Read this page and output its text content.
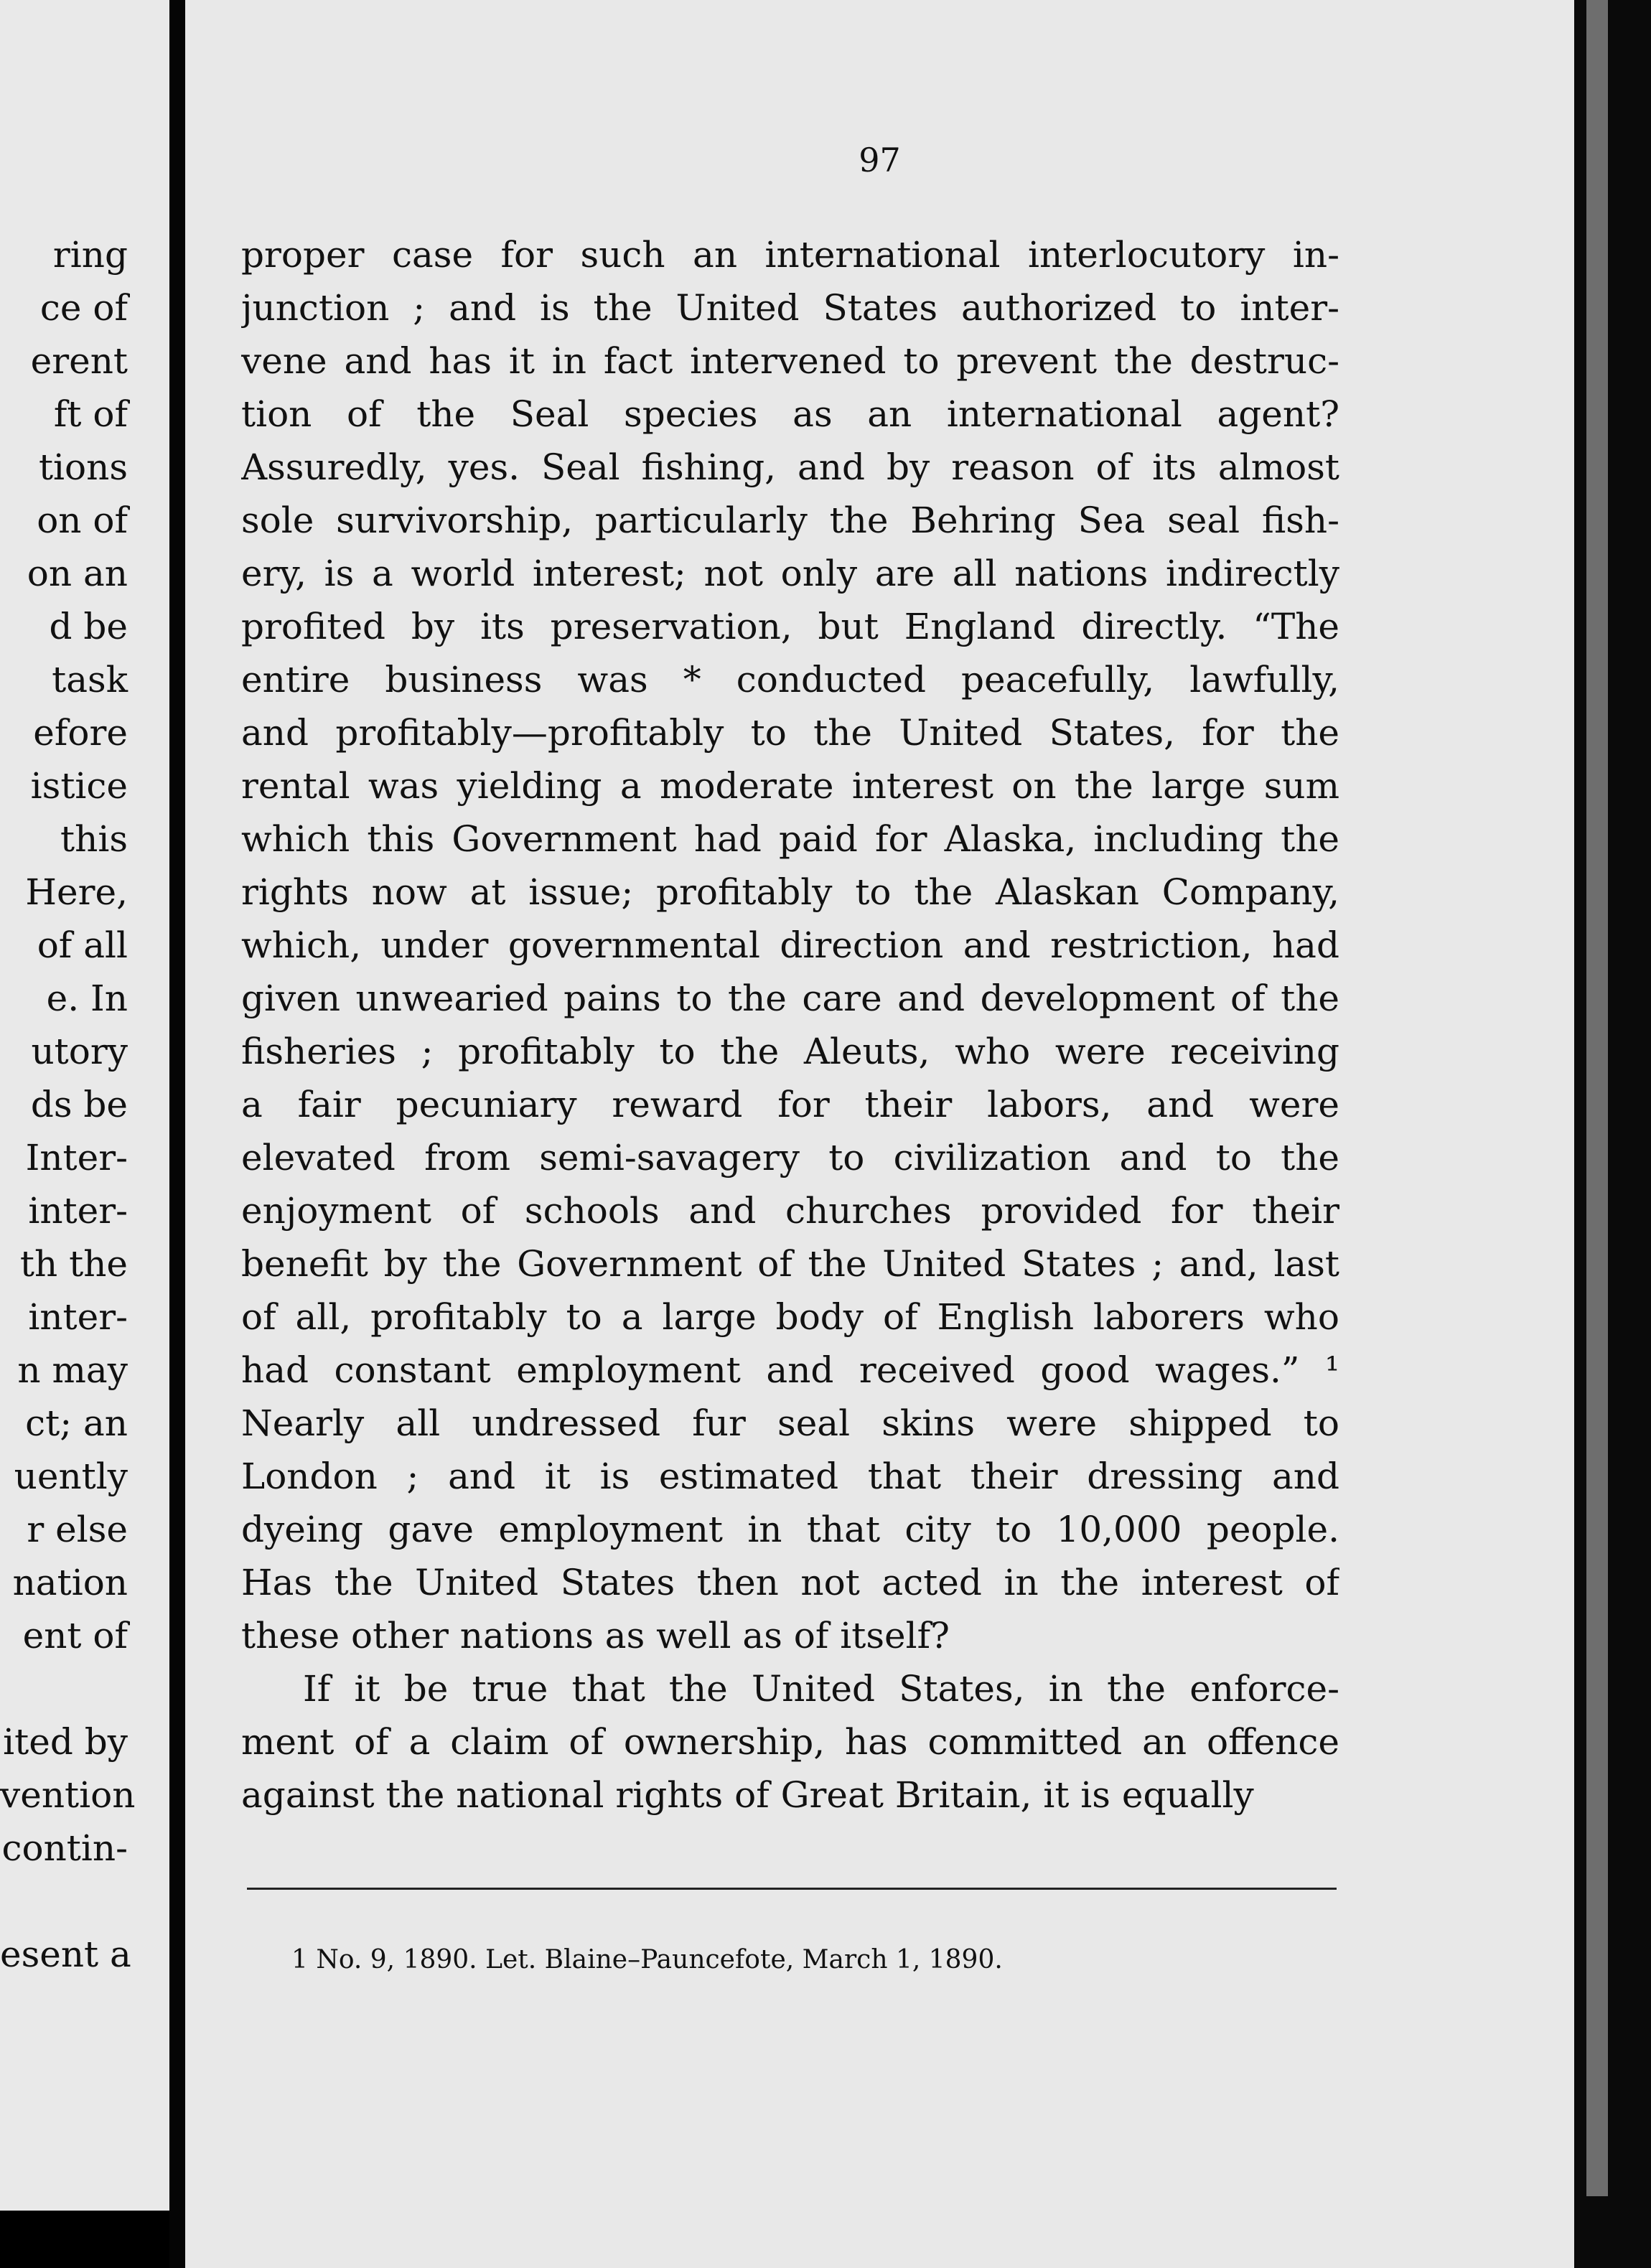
ring
ce of
erent
ft of
tions
on of
on an
d be
task
efore
istice
this
Here,
of all
e. In
utory
ds be
Inter-
inter-
th the
inter-
n may
ct; an
uently
r else
nation
ent of
ited by
vention
contin-
esent a
97
proper case for such an international interlocutory in-
junction ; and is the United States authorized to inter-
vene and has it in fact intervened to prevent the destruc-
tion of the Seal species as an international agent?
Assuredly, yes. Seal fishing, and by reason of its almost
sole survivorship, particularly the Behring Sea seal fish-
ery, is a world interest; not only are all nations indirectly
profited by its preservation, but England directly. “The
entire business was * conducted peacefully, lawfully,
and profitably—profitably to the United States, for the
rental was yielding a moderate interest on the large sum
which this Government had paid for Alaska, including the
rights now at issue; profitably to the Alaskan Company,
which, under governmental direction and restriction, had
given unwearied pains to the care and development of the
fisheries ; profitably to the Aleuts, who were receiving
a fair pecuniary reward for their labors, and were
elevated from semi-savagery to civilization and to the
enjoyment of schools and churches provided for their
benefit by the Government of the United States ; and, last
of all, profitably to a large body of English laborers who
had constant employment and received good wages.” ¹
Nearly all undressed fur seal skins were shipped to
London ; and it is estimated that their dressing and
dyeing gave employment in that city to 10,000 people.
Has the United States then not acted in the interest of
these other nations as well as of itself?
If it be true that the United States, in the enforce-
ment of a claim of ownership, has committed an offence
against the national rights of Great Britain, it is equally
1 No. 9, 1890. Let. Blaine–Pauncefote, March 1, 1890.
